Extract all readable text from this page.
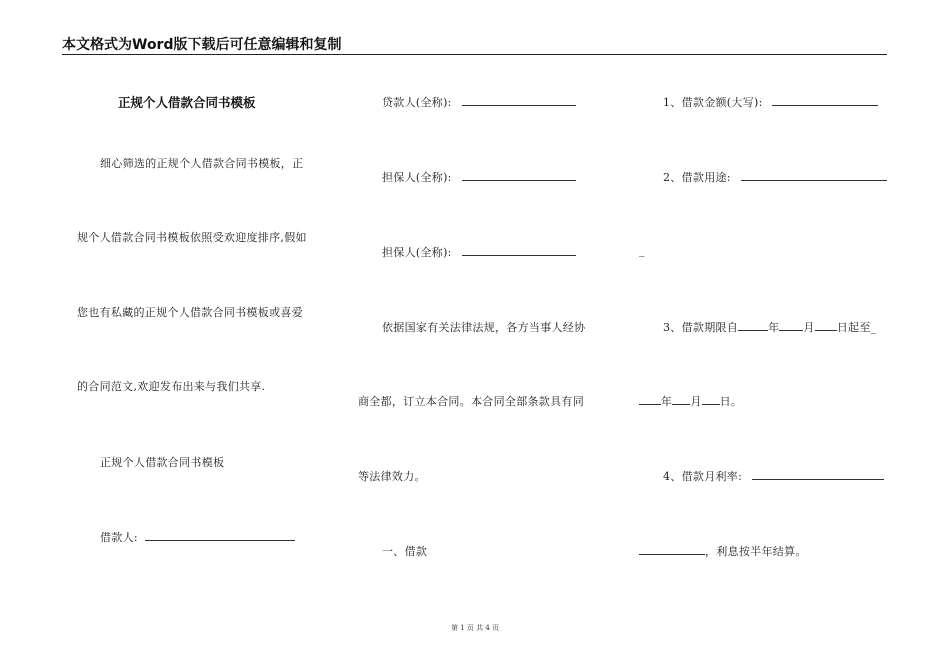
本文格式为Word版下载后可任意编辑和复制
正规个人借款合同书模板
细心筛选的正规个人借款合同书模板，正
规个人借款合同书模板依照受欢迎度排序,假如
您也有私藏的正规个人借款合同书模板或喜爱
的合同范文,欢迎发布出来与我们共享.
正规个人借款合同书模板
借款人:
贷款人(全称):
担保人(全称):
担保人(全称):
依据国家有关法律法规，各方当事人经协
商全都，订立本合同。本合同全部条款具有同
等法律效力。
一、借款
1、借款金额(大写):
2、借款用途:
_
3、借款期限自	年 月 日起至_
年 月 日。
4、借款月利率:
，利息按半年结算。
第 1 页 共 4 页
